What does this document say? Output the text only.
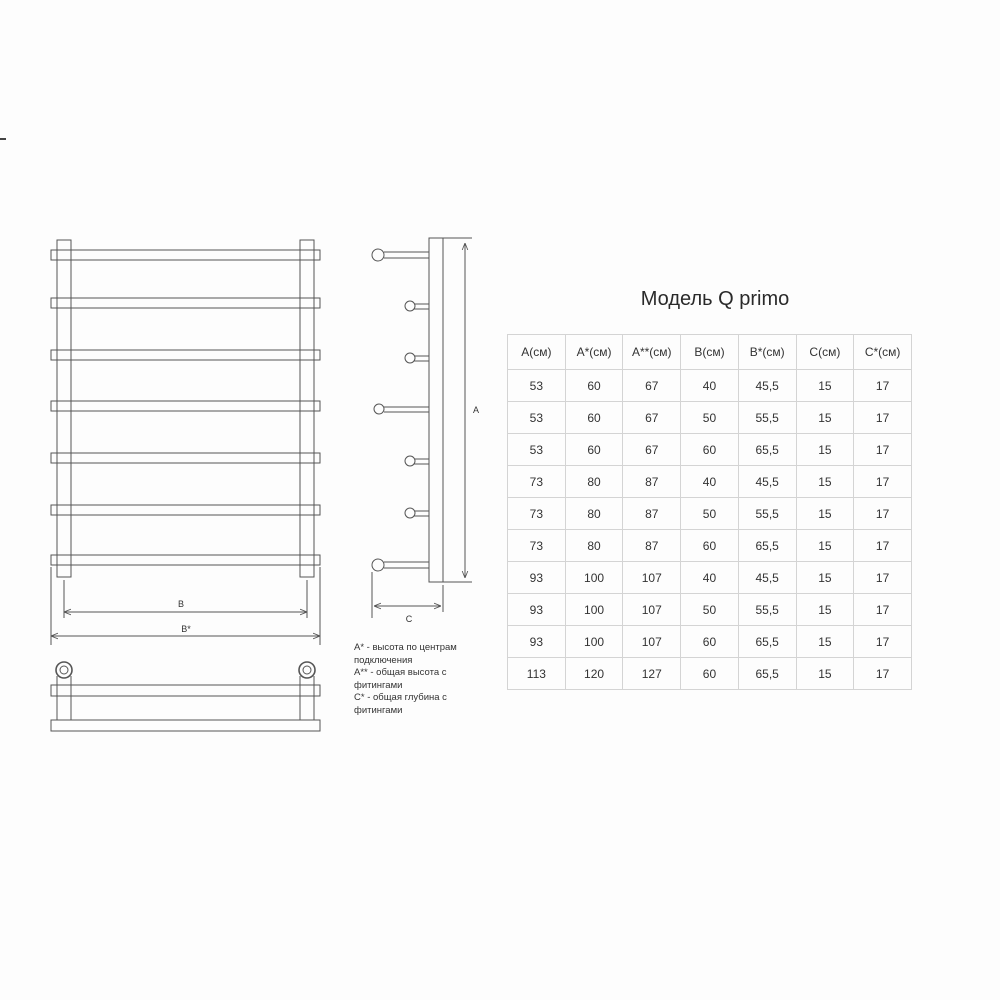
B
B*
A
C
A* - высота по центрам подключения
A** - общая высота с фитингами
C* - общая глубина с фитингами
Модель Q primo
A(см)	A*(см)	A**(см)	B(см)	B*(см)	C(см)	C*(см)
53	60	67	40	45,5	15	17
53	60	67	50	55,5	15	17
53	60	67	60	65,5	15	17
73	80	87	40	45,5	15	17
73	80	87	50	55,5	15	17
73	80	87	60	65,5	15	17
93	100	107	40	45,5	15	17
93	100	107	50	55,5	15	17
93	100	107	60	65,5	15	17
113	120	127	60	65,5	15	17
